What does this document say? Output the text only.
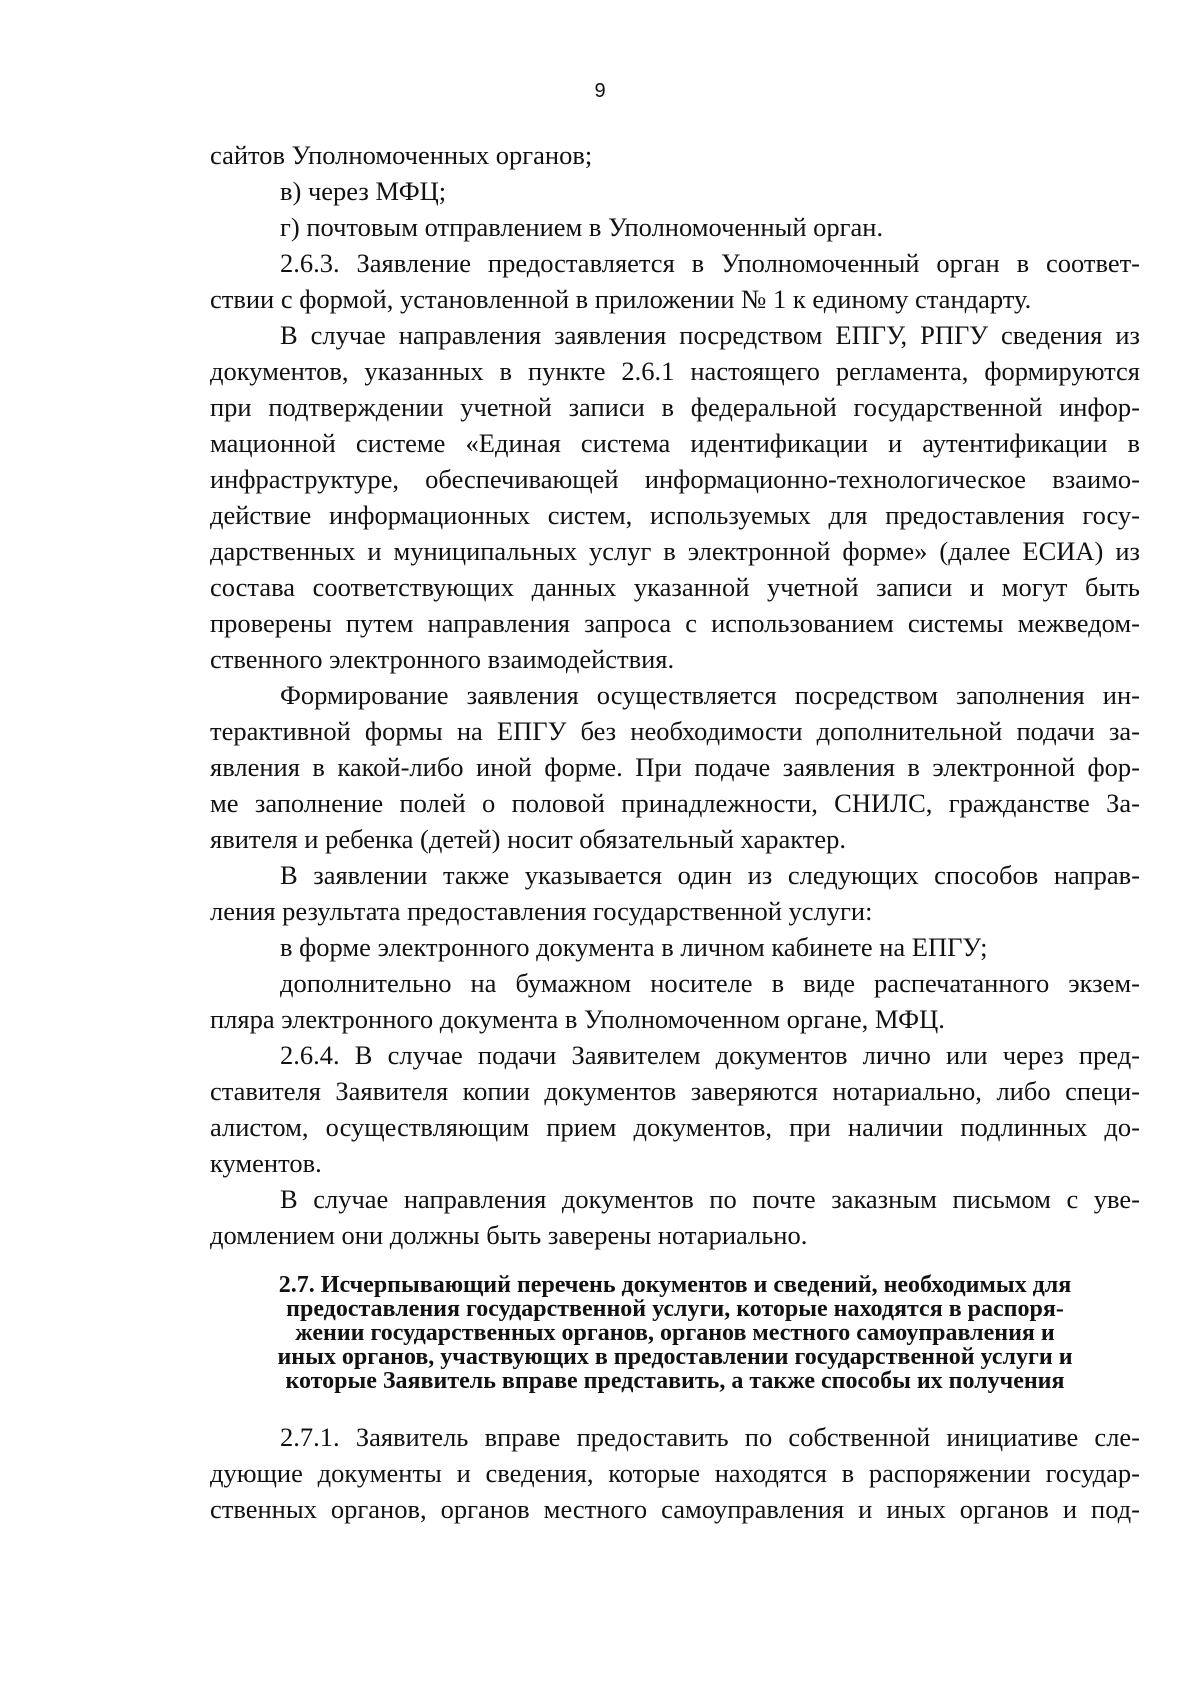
9
сайтов Уполномоченных органов;
в) через МФЦ;
г) почтовым отправлением в Уполномоченный орган.
2.6.3. Заявление предоставляется в Уполномоченный орган в соответ-
ствии с формой, установленной в приложении № 1 к единому стандарту.
В случае направления заявления посредством ЕПГУ, РПГУ сведения из
документов, указанных в пункте 2.6.1 настоящего регламента, формируются
при подтверждении учетной записи в федеральной государственной инфор-
мационной системе «Единая система идентификации и аутентификации в
инфраструктуре, обеспечивающей информационно-технологическое взаимо-
действие информационных систем, используемых для предоставления госу-
дарственных и муниципальных услуг в электронной форме» (далее ЕСИА) из
состава соответствующих данных указанной учетной записи и могут быть
проверены путем направления запроса с использованием системы межведом-
ственного электронного взаимодействия.
Формирование заявления осуществляется посредством заполнения ин-
терактивной формы на ЕПГУ без необходимости дополнительной подачи за-
явления в какой-либо иной форме. При подаче заявления в электронной фор-
ме заполнение полей о половой принадлежности, СНИЛС, гражданстве За-
явителя и ребенка (детей) носит обязательный характер.
В заявлении также указывается один из следующих способов направ-
ления результата предоставления государственной услуги:
в форме электронного документа в личном кабинете на ЕПГУ;
дополнительно на бумажном носителе в виде распечатанного экзем-
пляра электронного документа в Уполномоченном органе, МФЦ.
2.6.4. В случае подачи Заявителем документов лично или через пред-
ставителя Заявителя копии документов заверяются нотариально, либо специ-
алистом, осуществляющим прием документов, при наличии подлинных до-
кументов.
В случае направления документов по почте заказным письмом с уве-
домлением они должны быть заверены нотариально.
2.7. Исчерпывающий перечень документов и сведений, необходимых для
предоставления государственной услуги, которые находятся в распоря-
жении государственных органов, органов местного самоуправления и
иных органов, участвующих в предоставлении государственной услуги и
которые Заявитель вправе представить, а также способы их получения
2.7.1. Заявитель вправе предоставить по собственной инициативе сле-
дующие документы и сведения, которые находятся в распоряжении государ-
ственных органов, органов местного самоуправления и иных органов и под-
